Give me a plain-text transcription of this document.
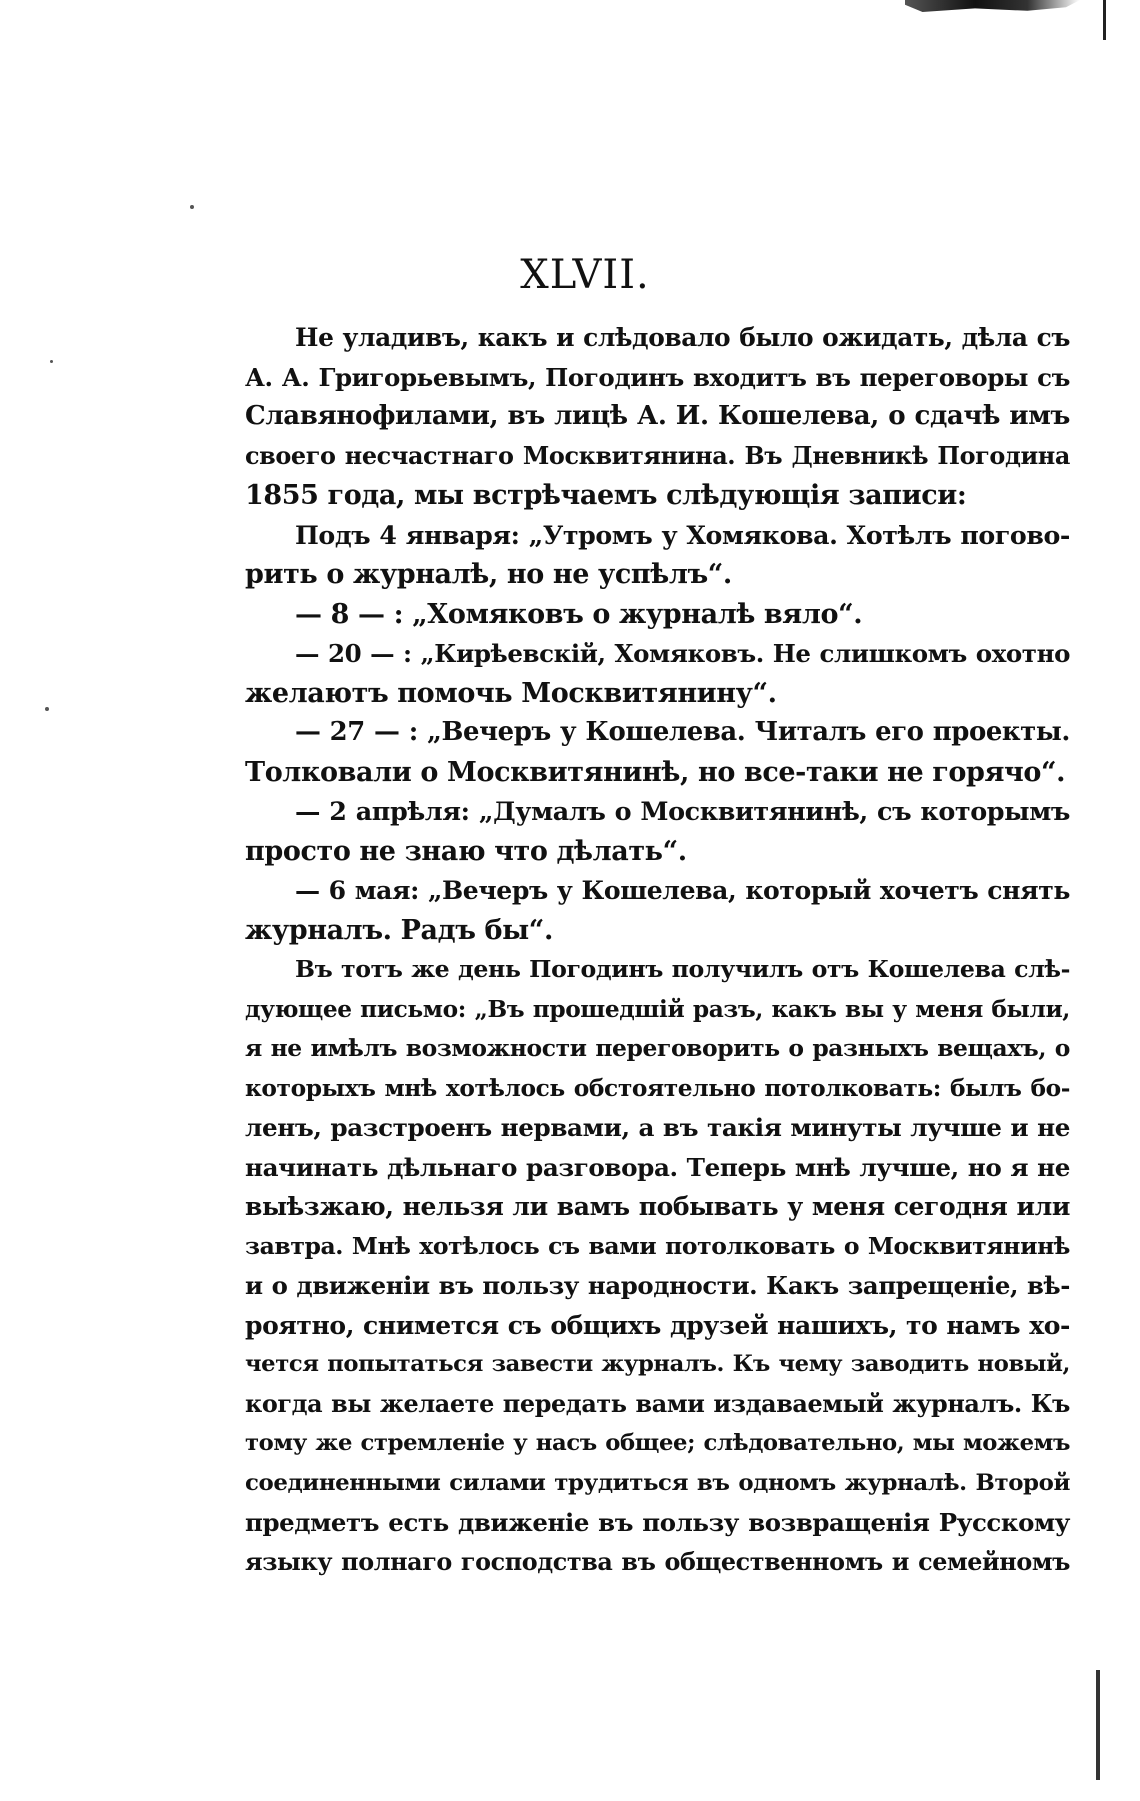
XLVII.
Не уладивъ, какъ и слѣдовало было ожидать, дѣла съ
А. А. Григорьевымъ, Погодинъ входитъ въ переговоры съ
Славянофилами, въ лицѣ А. И. Кошелева, о сдачѣ имъ
своего несчастнаго Москвитянина. Въ Дневникѣ Погодина
1855 года, мы встрѣчаемъ слѣдующія записи:
Подъ 4 января: „Утромъ у Хомякова. Хотѣлъ погово-
рить о журналѣ, но не успѣлъ“.
— 8 — : „Хомяковъ о журналѣ вяло“.
— 20 — : „Кирѣевскій, Хомяковъ. Не слишкомъ охотно
желаютъ помочь Москвитянину“.
— 27 — : „Вечеръ у Кошелева. Читалъ его проекты.
Толковали о Москвитянинѣ, но все-таки не горячо“.
— 2 апрѣля: „Думалъ о Москвитянинѣ, съ которымъ
просто не знаю что дѣлать“.
— 6 мая: „Вечеръ у Кошелева, который хочетъ снять
журналъ. Радъ бы“.
Въ тотъ же день Погодинъ получилъ отъ Кошелева слѣ-
дующее письмо: „Въ прошедшій разъ, какъ вы у меня были,
я не имѣлъ возможности переговорить о разныхъ вещахъ, о
которыхъ мнѣ хотѣлось обстоятельно потолковать: былъ бо-
ленъ, разстроенъ нервами, а въ такія минуты лучше и не
начинать дѣльнаго разговора. Теперь мнѣ лучше, но я не
выѣзжаю, нельзя ли вамъ побывать у меня сегодня или
завтра. Мнѣ хотѣлось съ вами потолковать о Москвитянинѣ
и о движеніи въ пользу народности. Какъ запрещеніе, вѣ-
роятно, снимется съ общихъ друзей нашихъ, то намъ хо-
чется попытаться завести журналъ. Къ чему заводить новый,
когда вы желаете передать вами издаваемый журналъ. Къ
тому же стремленіе у насъ общее; слѣдовательно, мы можемъ
соединенными силами трудиться въ одномъ журналѣ. Второй
предметъ есть движеніе въ пользу возвращенія Русскому
языку полнаго господства въ общественномъ и семейномъ
